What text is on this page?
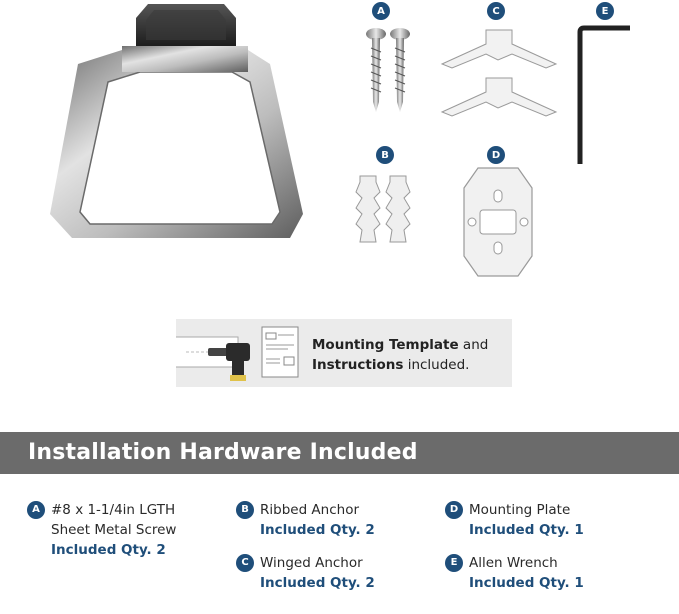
A	C	E
B	D
Mounting Template and
Instructions included.
Installation Hardware Included
A #8 x 1-1/4in LGTH
Sheet Metal Screw
Included Qty. 2
B Ribbed Anchor
Included Qty. 2
C Winged Anchor
Included Qty. 2
D Mounting Plate
Included Qty. 1
E Allen Wrench
Included Qty. 1
